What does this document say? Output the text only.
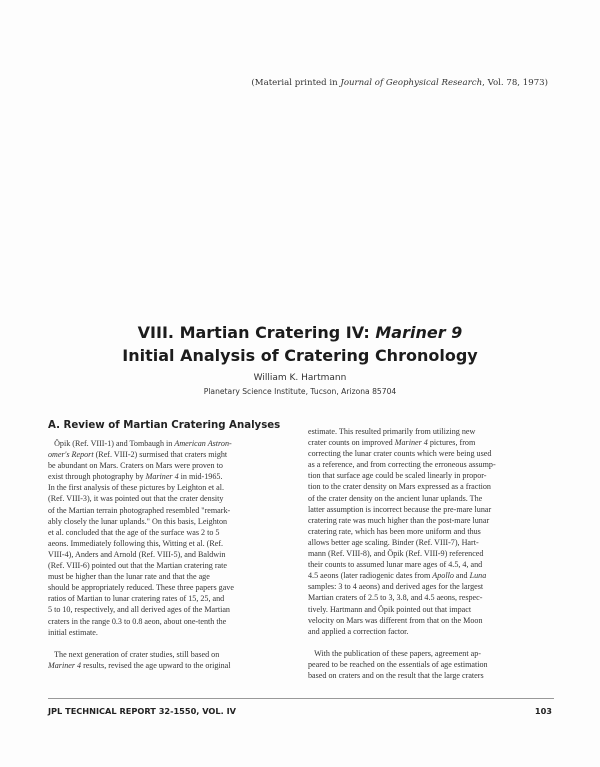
(Material printed in Journal of Geophysical Research, Vol. 78, 1973)
VIII. Martian Cratering IV: Mariner 9
Initial Analysis of Cratering Chronology
William K. Hartmann
Planetary Science Institute, Tucson, Arizona 85704
A. Review of Martian Cratering Analyses
Öpik (Ref. VIII-1) and Tombaugh in American Astron-
omer's Report (Ref. VIII-2) surmised that craters might
be abundant on Mars. Craters on Mars were proven to
exist through photography by Mariner 4 in mid-1965.
In the first analysis of these pictures by Leighton et al.
(Ref. VIII-3), it was pointed out that the crater density
of the Martian terrain photographed resembled "remark-
ably closely the lunar uplands." On this basis, Leighton
et al. concluded that the age of the surface was 2 to 5
aeons. Immediately following this, Witting et al. (Ref.
VIII-4), Anders and Arnold (Ref. VIII-5), and Baldwin
(Ref. VIII-6) pointed out that the Martian cratering rate
must be higher than the lunar rate and that the age
should be appropriately reduced. These three papers gave
ratios of Martian to lunar cratering rates of 15, 25, and
5 to 10, respectively, and all derived ages of the Martian
craters in the range 0.3 to 0.8 aeon, about one-tenth the
initial estimate.
The next generation of crater studies, still based on
Mariner 4 results, revised the age upward to the original
estimate. This resulted primarily from utilizing new
crater counts on improved Mariner 4 pictures, from
correcting the lunar crater counts which were being used
as a reference, and from correcting the erroneous assump-
tion that surface age could be scaled linearly in propor-
tion to the crater density on Mars expressed as a fraction
of the crater density on the ancient lunar uplands. The
latter assumption is incorrect because the pre-mare lunar
cratering rate was much higher than the post-mare lunar
cratering rate, which has been more uniform and thus
allows better age scaling. Binder (Ref. VIII-7), Hart-
mann (Ref. VIII-8), and Öpik (Ref. VIII-9) referenced
their counts to assumed lunar mare ages of 4.5, 4, and
4.5 aeons (later radiogenic dates from Apollo and Luna
samples: 3 to 4 aeons) and derived ages for the largest
Martian craters of 2.5 to 3, 3.8, and 4.5 aeons, respec-
tively. Hartmann and Öpik pointed out that impact
velocity on Mars was different from that on the Moon
and applied a correction factor.
With the publication of these papers, agreement ap-
peared to be reached on the essentials of age estimation
based on craters and on the result that the large craters
JPL TECHNICAL REPORT 32-1550, VOL. IV	103
